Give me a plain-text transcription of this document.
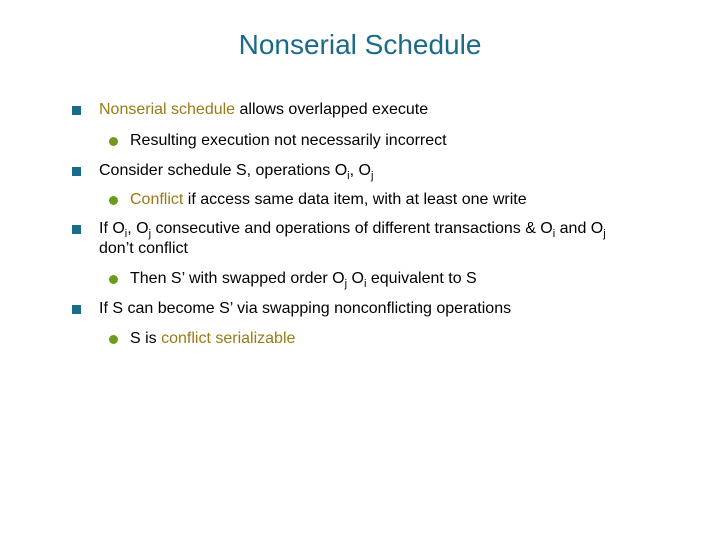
Nonserial Schedule
Nonserial schedule allows overlapped execute
Resulting execution not necessarily incorrect
Consider schedule S, operations $O_i$, $O_j$
Conflict if access same data item, with at least one write
If $O_i$, $O_j$ consecutive and operations of different transactions & $O_i$ and $O_j$
don’t conflict
Then S’ with swapped order $O_j$ $O_i$ equivalent to S
If S can become S’ via swapping nonconflicting operations
S is conflict serializable
